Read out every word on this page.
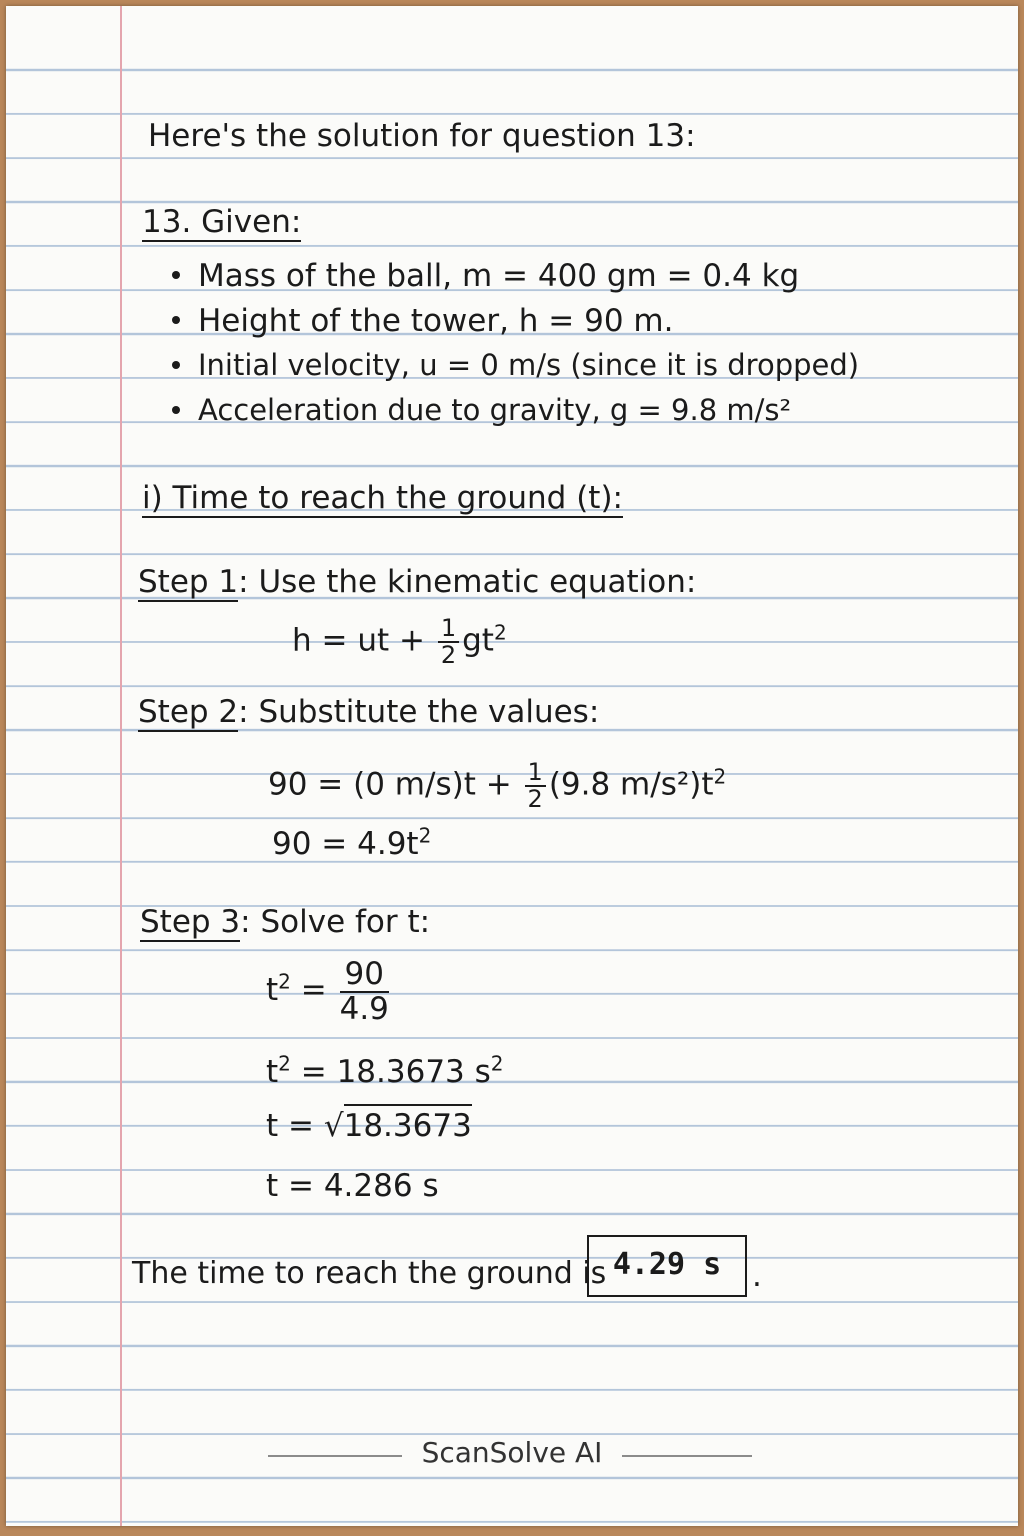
Here's the solution for question 13:
13. Given:
Mass of the ball, m = 400 gm = 0.4 kg
Height of the tower, h = 90 m.
Initial velocity, u = 0 m/s (since it is dropped)
Acceleration due to gravity, g = 9.8 m/s²
i) Time to reach the ground (t):
Step 1: Use the kinematic equation:
h = ut + $\frac{1}{2} gt^2$
Step 2: Substitute the values:
90 = (0 $m/s)t + \frac{1}{2} (9.8$ $m/s^2)t^2$
$90 = 4.9t^2$
Step 3: Solve for t:
$t^2 = \frac{90}{4.9}$
$t^2 = 18.3673$ $s^2$
t = √18.3673
t = 4.286 s
The time to reach the ground is 4.29 s .
ScanSolve AI
